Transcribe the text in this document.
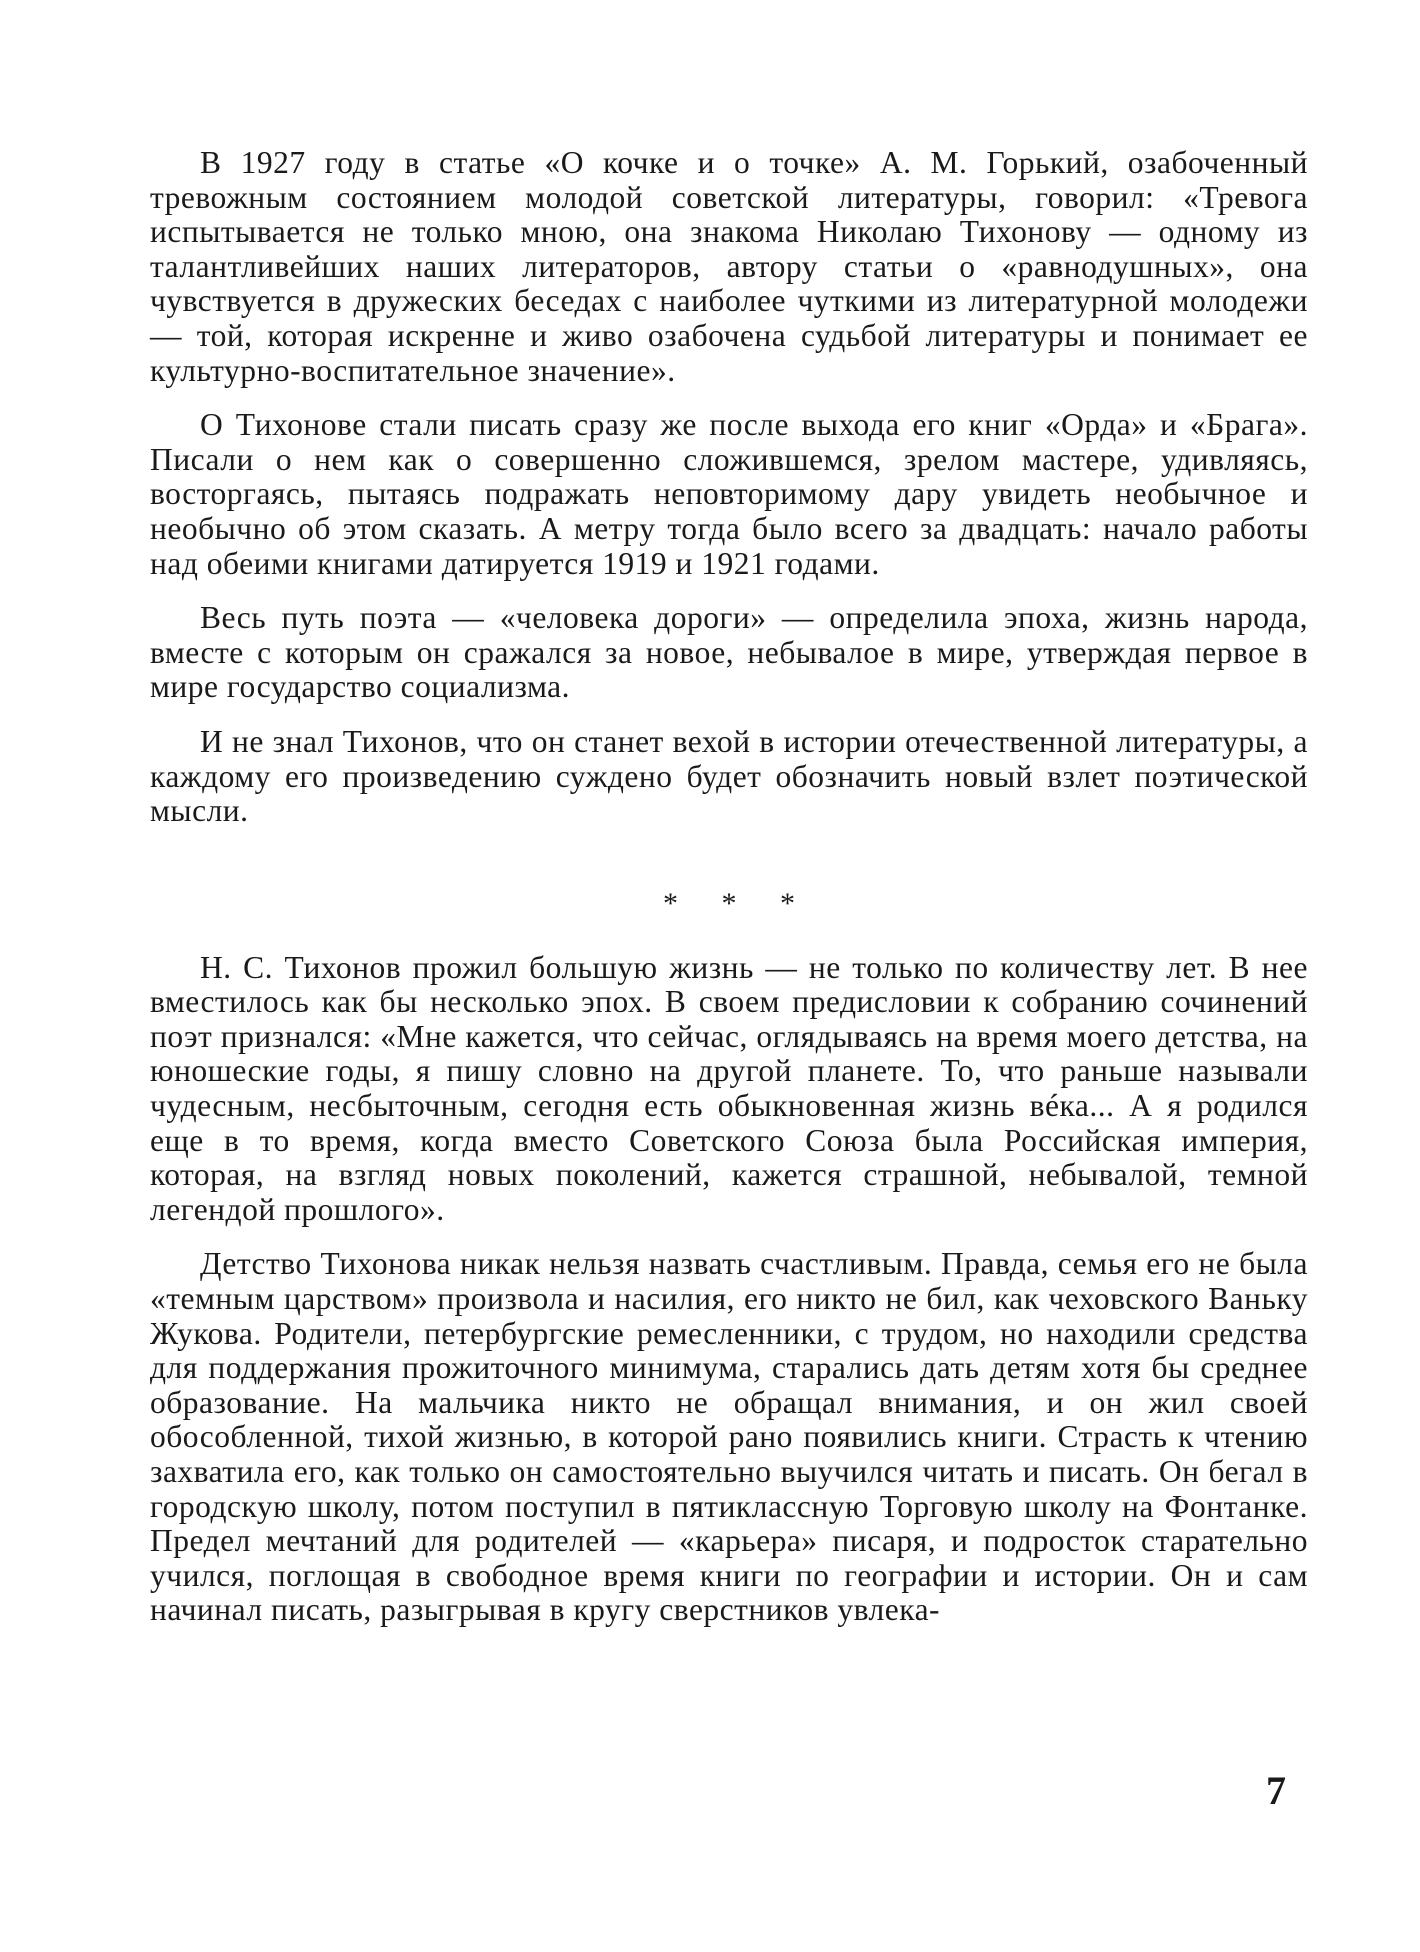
В 1927 году в статье «О кочке и о точке» А. М. Горький, озабоченный тревожным состоянием молодой советской литературы, говорил: «Тревога испытывается не только мною, она знакома Николаю Тихонову — одному из талантливейших наших литераторов, автору статьи о «равнодушных», она чувствуется в дружеских беседах с наиболее чуткими из литературной молодежи — той, которая искренне и живо озабочена судьбой литературы и понимает ее культурно-воспитательное значение».

О Тихонове стали писать сразу же после выхода его книг «Орда» и «Брага». Писали о нем как о совершенно сложившемся, зрелом мастере, удивляясь, восторгаясь, пытаясь подражать неповторимому дару увидеть необычное и необычно об этом сказать. А метру тогда было всего за двадцать: начало работы над обеими книгами датируется 1919 и 1921 годами.

Весь путь поэта — «человека дороги» — определила эпоха, жизнь народа, вместе с которым он сражался за новое, небывалое в мире, утверждая первое в мире государство социализма.

И не знал Тихонов, что он станет вехой в истории отечественной литературы, а каждому его произведению суждено будет обозначить новый взлет поэтической мысли.

* * *

Н. С. Тихонов прожил большую жизнь — не только по количеству лет. В нее вместилось как бы несколько эпох. В своем предисловии к собранию сочинений поэт признался: «Мне кажется, что сейчас, оглядываясь на время моего детства, на юношеские годы, я пишу словно на другой планете. То, что раньше называли чудесным, несбыточным, сегодня есть обыкновенная жизнь вéка... А я родился еще в то время, когда вместо Советского Союза была Российская империя, которая, на взгляд новых поколений, кажется страшной, небывалой, темной легендой прошлого».

Детство Тихонова никак нельзя назвать счастливым. Правда, семья его не была «темным царством» произвола и насилия, его никто не бил, как чеховского Ваньку Жукова. Родители, петербургские ремесленники, с трудом, но находили средства для поддержания прожиточного минимума, старались дать детям хотя бы среднее образование. На мальчика никто не обращал внимания, и он жил своей обособленной, тихой жизнью, в которой рано появились книги. Страсть к чтению захватила его, как только он самостоятельно выучился читать и писать. Он бегал в городскую школу, потом поступил в пятиклассную Торговую школу на Фонтанке. Предел мечтаний для родителей — «карьера» писаря, и подросток старательно учился, поглощая в свободное время книги по географии и истории. Он и сам начинал писать, разыгрывая в кругу сверстников увлека-

7
